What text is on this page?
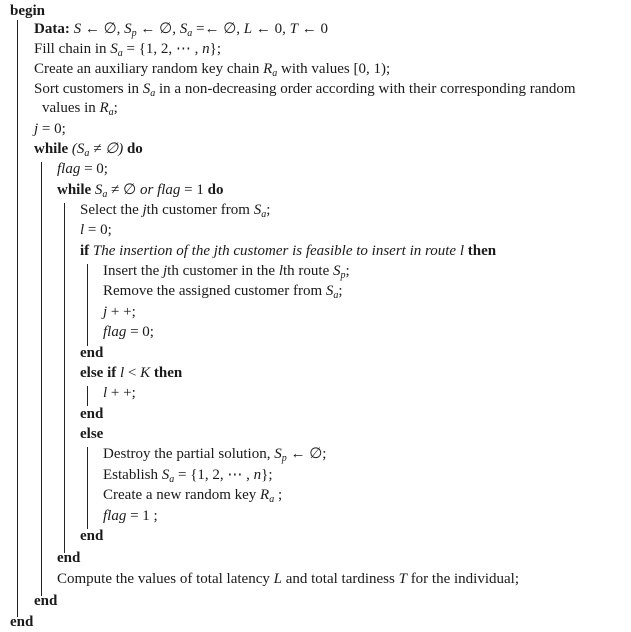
begin
Data: S ← ∅, $S_p$ ← ∅, $S_a$ =← ∅, L ← 0, T ← 0
Fill chain in $S_a = \{1$, 2, ⋯ , n};
Create an auxiliary random key chain $R_a$ with values [0, 1);
Sort customers in $S_a$ in a non-decreasing order according with their corresponding random
values in $R_a$;
j = 0;
while ($S_a$ ≠ ∅) do
flag = 0;
while $S_a$ ≠ ∅ or flag = 1 do
Select the jth customer from $S_a$;
l = 0;
if The insertion of the jth customer is feasible to insert in route l then
Insert the jth customer in the lth route $S_p$;
Remove the assigned customer from $S_a$;
j + +;
flag = 0;
end
else if l < K then
l + +;
end
else
Destroy the partial solution, $S_p$ ← ∅;
Establish $S_a = \{1$, 2, ⋯ , n};
Create a new random key $R_a$ ;
flag = 1 ;
end
end
Compute the values of total latency L and total tardiness T for the individual;
end
end
